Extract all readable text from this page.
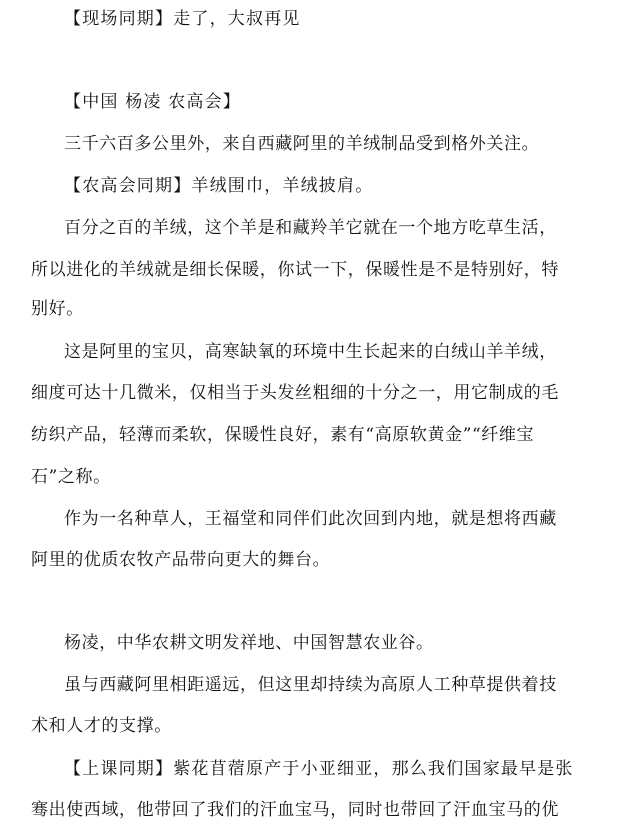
【现场同期】走了，大叔再见
【中国 杨凌 农高会】
三千六百多公里外，来自西藏阿里的羊绒制品受到格外关注。
【农高会同期】羊绒围巾，羊绒披肩。
百分之百的羊绒，这个羊是和藏羚羊它就在一个地方吃草生活，
所以进化的羊绒就是细长保暖，你试一下，保暖性是不是特别好，特
别好。
这是阿里的宝贝，高寒缺氧的环境中生长起来的白绒山羊羊绒，
细度可达十几微米，仅相当于头发丝粗细的十分之一，用它制成的毛
纺织产品，轻薄而柔软，保暖性良好，素有“高原软黄金”“纤维宝
石”之称。
作为一名种草人，王福堂和同伴们此次回到内地，就是想将西藏
阿里的优质农牧产品带向更大的舞台。
杨凌，中华农耕文明发祥地、中国智慧农业谷。
虽与西藏阿里相距遥远，但这里却持续为高原人工种草提供着技
术和人才的支撑。
【上课同期】紫花苜蓿原产于小亚细亚，那么我们国家最早是张
骞出使西域，他带回了我们的汗血宝马，同时也带回了汗血宝马的优
